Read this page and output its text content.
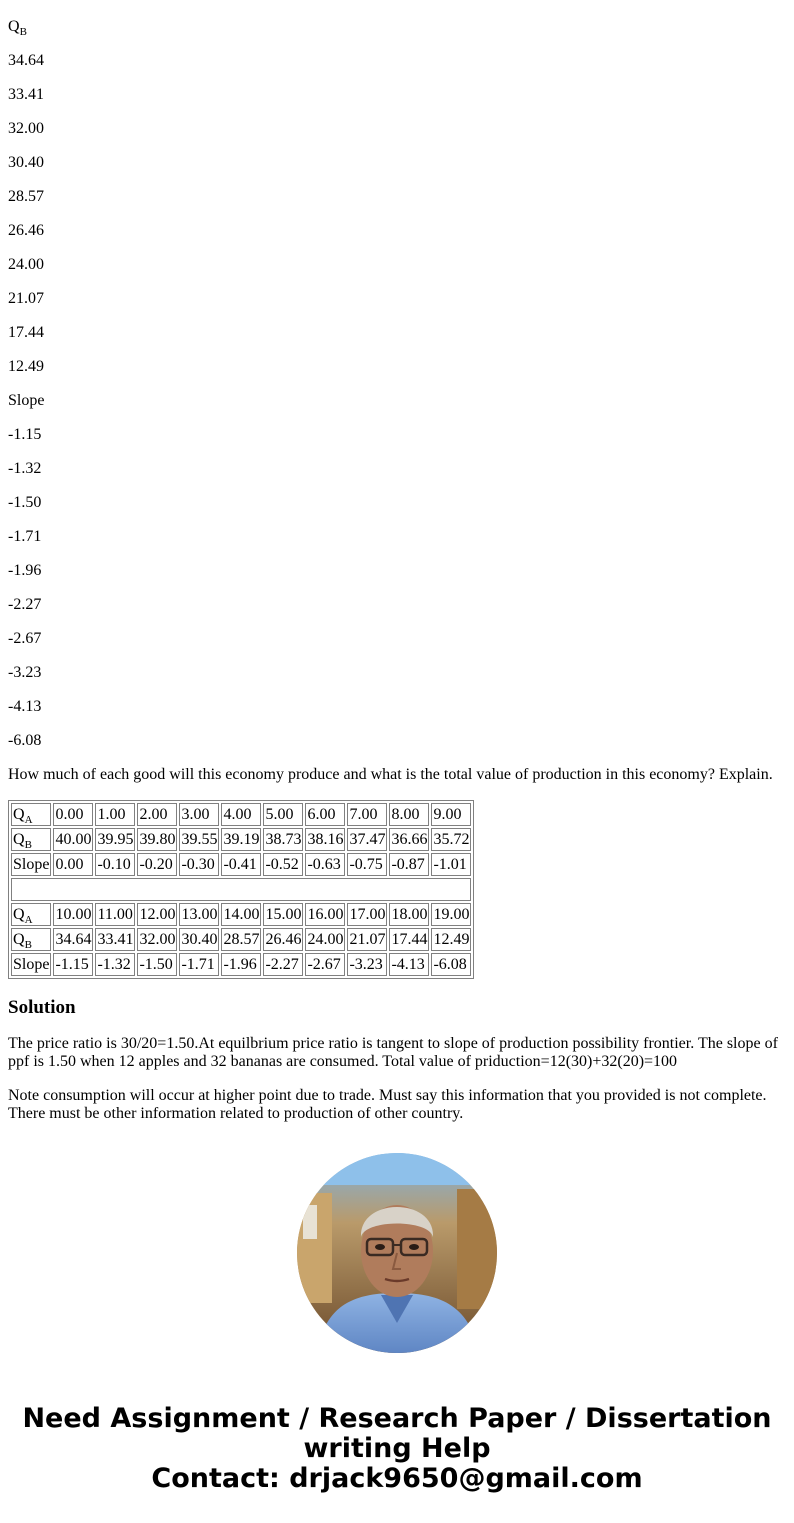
$Q_B$

34.64

33.41

32.00

30.40

28.57

26.46

24.00

21.07

17.44

12.49

Slope

-1.15

-1.32

-1.50

-1.71

-1.96

-2.27

-2.67

-3.23

-4.13

-6.08

How much of each good will this economy produce and what is the total value of production in this economy? Explain.

$Q_A$	0.00	1.00	2.00	3.00	4.00	5.00	6.00	7.00	8.00	9.00
$Q_B$	40.00	39.95	39.80	39.55	39.19	38.73	38.16	37.47	36.66	35.72
Slope	0.00	-0.10	-0.20	-0.30	-0.41	-0.52	-0.63	-0.75	-0.87	-1.01

$Q_A$	10.00	11.00	12.00	13.00	14.00	15.00	16.00	17.00	18.00	19.00
$Q_B$	34.64	33.41	32.00	30.40	28.57	26.46	24.00	21.07	17.44	12.49
Slope	-1.15	-1.32	-1.50	-1.71	-1.96	-2.27	-2.67	-3.23	-4.13	-6.08
Solution

The price ratio is 30/20=1.50.At equilbrium price ratio is tangent to slope of production possibility frontier. The slope of ppf is 1.50 when 12 apples and 32 bananas are consumed. Total value of priduction=12(30)+32(20)=100

Note consumption will occur at higher point due to trade. Must say this information that you provided is not complete. There must be other information related to production of other country.

Need Assignment / Research Paper / Dissertation
writing Help
Contact: drjack9650@gmail.com
